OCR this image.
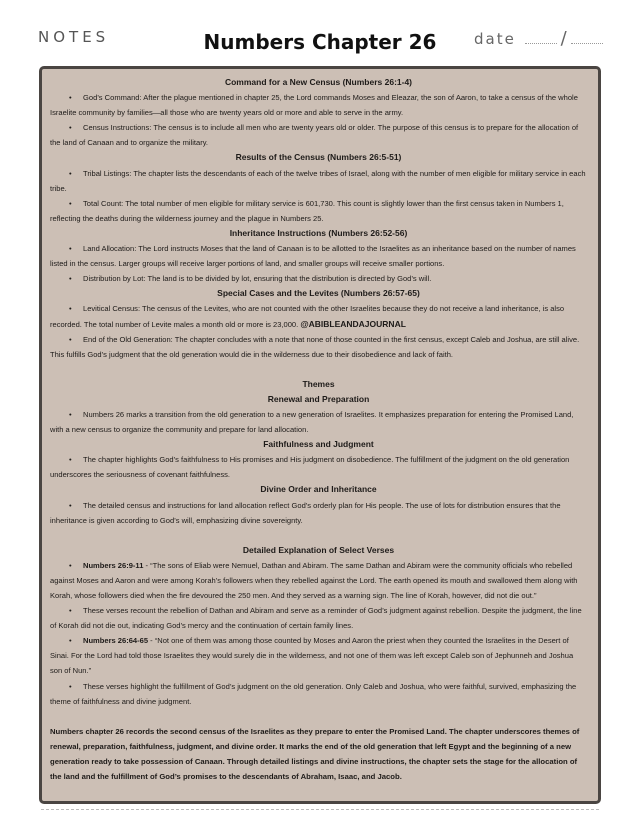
NOTES	Numbers Chapter 26	date /
Command for a New Census (Numbers 26:1-4)
• God’s Command: After the plague mentioned in chapter 25, the Lord commands Moses and Eleazar, the son of Aaron, to take a census of the whole Israelite community by families—all those who are twenty years old or more and able to serve in the army.
• Census Instructions: The census is to include all men who are twenty years old or older. The purpose of this census is to prepare for the allocation of the land of Canaan and to organize the military.
Results of the Census (Numbers 26:5-51)
• Tribal Listings: The chapter lists the descendants of each of the twelve tribes of Israel, along with the number of men eligible for military service in each tribe.
• Total Count: The total number of men eligible for military service is 601,730. This count is slightly lower than the first census taken in Numbers 1, reflecting the deaths during the wilderness journey and the plague in Numbers 25.
Inheritance Instructions (Numbers 26:52-56)
• Land Allocation: The Lord instructs Moses that the land of Canaan is to be allotted to the Israelites as an inheritance based on the number of names listed in the census. Larger groups will receive larger portions of land, and smaller groups will receive smaller portions.
• Distribution by Lot: The land is to be divided by lot, ensuring that the distribution is directed by God’s will.
Special Cases and the Levites (Numbers 26:57-65)
• Levitical Census: The census of the Levites, who are not counted with the other Israelites because they do not receive a land inheritance, is also recorded. The total number of Levite males a month old or more is 23,000. @ABIBLEANDAJOURNAL
• End of the Old Generation: The chapter concludes with a note that none of those counted in the first census, except Caleb and Joshua, are still alive. This fulfills God’s judgment that the old generation would die in the wilderness due to their disobedience and lack of faith.
Themes
Renewal and Preparation
• Numbers 26 marks a transition from the old generation to a new generation of Israelites. It emphasizes preparation for entering the Promised Land, with a new census to organize the community and prepare for land allocation.
Faithfulness and Judgment
• The chapter highlights God’s faithfulness to His promises and His judgment on disobedience. The fulfillment of the judgment on the old generation underscores the seriousness of covenant faithfulness.
Divine Order and Inheritance
• The detailed census and instructions for land allocation reflect God’s orderly plan for His people. The use of lots for distribution ensures that the inheritance is given according to God’s will, emphasizing divine sovereignty.
Detailed Explanation of Select Verses
• Numbers 26:9-11 - “The sons of Eliab were Nemuel, Dathan and Abiram. The same Dathan and Abiram were the community officials who rebelled against Moses and Aaron and were among Korah’s followers when they rebelled against the Lord. The earth opened its mouth and swallowed them along with Korah, whose followers died when the fire devoured the 250 men. And they served as a warning sign. The line of Korah, however, did not die out.”
• These verses recount the rebellion of Dathan and Abiram and serve as a reminder of God’s judgment against rebellion. Despite the judgment, the line of Korah did not die out, indicating God’s mercy and the continuation of certain family lines.
• Numbers 26:64-65 - “Not one of them was among those counted by Moses and Aaron the priest when they counted the Israelites in the Desert of Sinai. For the Lord had told those Israelites they would surely die in the wilderness, and not one of them was left except Caleb son of Jephunneh and Joshua son of Nun.”
• These verses highlight the fulfillment of God’s judgment on the old generation. Only Caleb and Joshua, who were faithful, survived, emphasizing the theme of faithfulness and divine judgment.
Numbers chapter 26 records the second census of the Israelites as they prepare to enter the Promised Land. The chapter underscores themes of renewal, preparation, faithfulness, judgment, and divine order. It marks the end of the old generation that left Egypt and the beginning of a new generation ready to take possession of Canaan. Through detailed listings and divine instructions, the chapter sets the stage for the allocation of the land and the fulfillment of God’s promises to the descendants of Abraham, Isaac, and Jacob.
